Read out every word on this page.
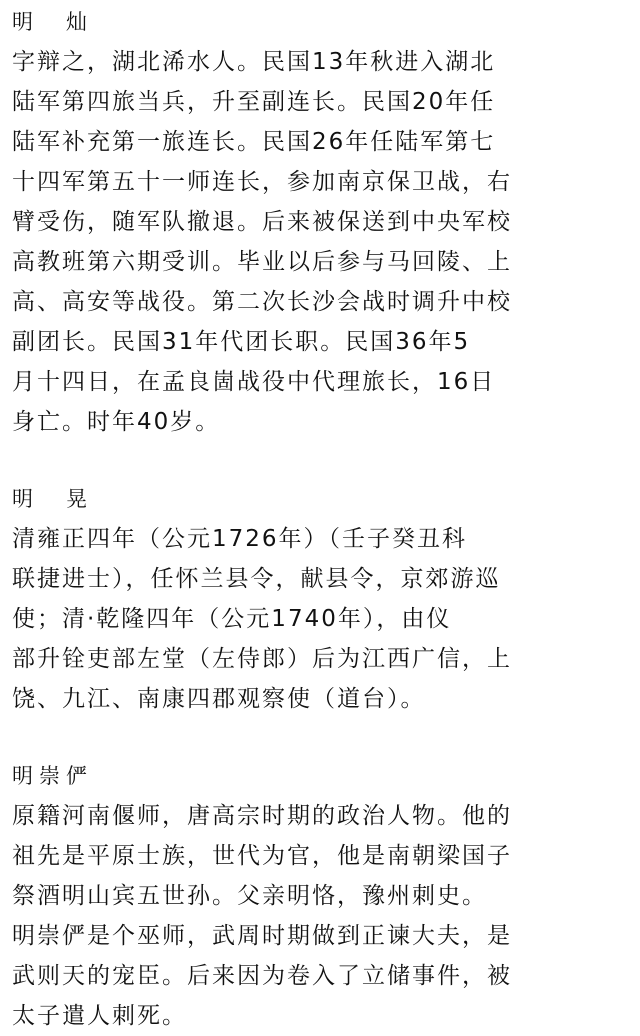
明　灿
字辩之，湖北浠水人。民国13年秋进入湖北
陆军第四旅当兵，升至副连长。民国20年任
陆军补充第一旅连长。民国26年任陆军第七
十四军第五十一师连长，参加南京保卫战，右
臂受伤，随军队撤退。后来被保送到中央军校
高教班第六期受训。毕业以后参与马回陵、上
高、高安等战役。第二次长沙会战时调升中校
副团长。民国31年代团长职。民国36年5
月十四日，在孟良崮战役中代理旅长，16日
身亡。时年40岁。
明　晃
清雍正四年（公元1726年）（壬子癸丑科
联捷进士），任怀兰县令，献县令，京郊游巡
使；清·乾隆四年（公元1740年），由仪
部升铨吏部左堂（左侍郎）后为江西广信，上
饶、九江、南康四郡观察使（道台）。
明崇俨
原籍河南偃师，唐高宗时期的政治人物。他的
祖先是平原士族，世代为官，他是南朝梁国子
祭酒明山宾五世孙。父亲明恪，豫州刺史。
明崇俨是个巫师，武周时期做到正谏大夫，是
武则天的宠臣。后来因为卷入了立储事件，被
太子遣人刺死。
